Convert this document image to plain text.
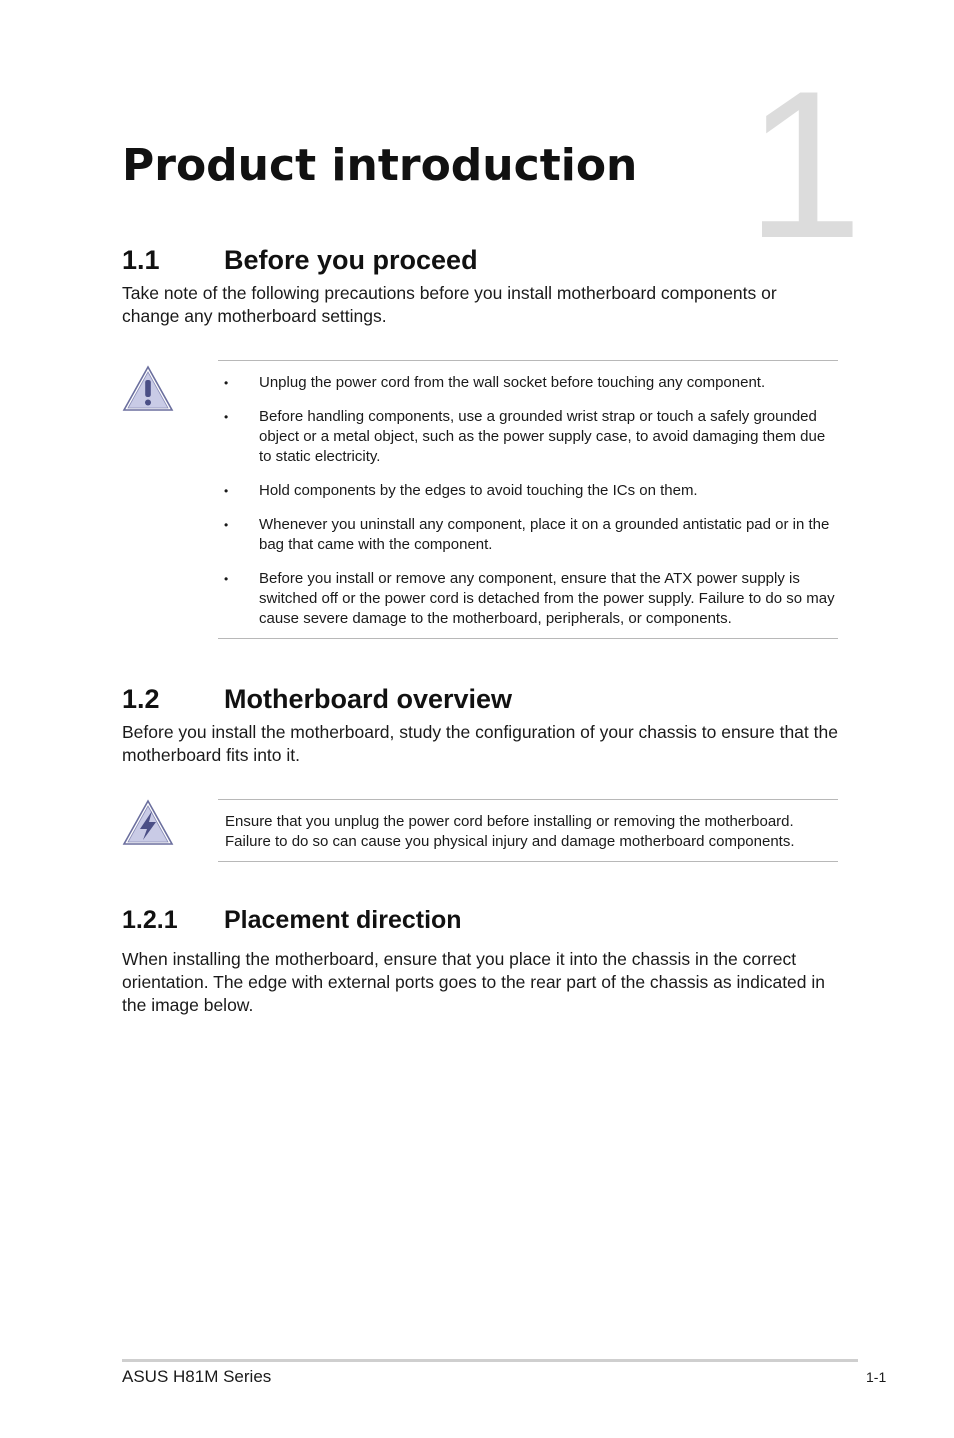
1
Product introduction
1.1 Before you proceed

Take note of the following precautions before you install motherboard components or change any motherboard settings.

• Unplug the power cord from the wall socket before touching any component.
• Before handling components, use a grounded wrist strap or touch a safely grounded object or a metal object, such as the power supply case, to avoid damaging them due to static electricity.
• Hold components by the edges to avoid touching the ICs on them.
• Whenever you uninstall any component, place it on a grounded antistatic pad or in the bag that came with the component.
• Before you install or remove any component, ensure that the ATX power supply is switched off or the power cord is detached from the power supply. Failure to do so may cause severe damage to the motherboard, peripherals, or components.
1.2 Motherboard overview

Before you install the motherboard, study the configuration of your chassis to ensure that the motherboard fits into it.

Ensure that you unplug the power cord before installing or removing the motherboard. Failure to do so can cause you physical injury and damage motherboard components.

1.2.1 Placement direction

When installing the motherboard, ensure that you place it into the chassis in the correct orientation. The edge with external ports goes to the rear part of the chassis as indicated in the image below.

ASUS H81M Series	1-1
